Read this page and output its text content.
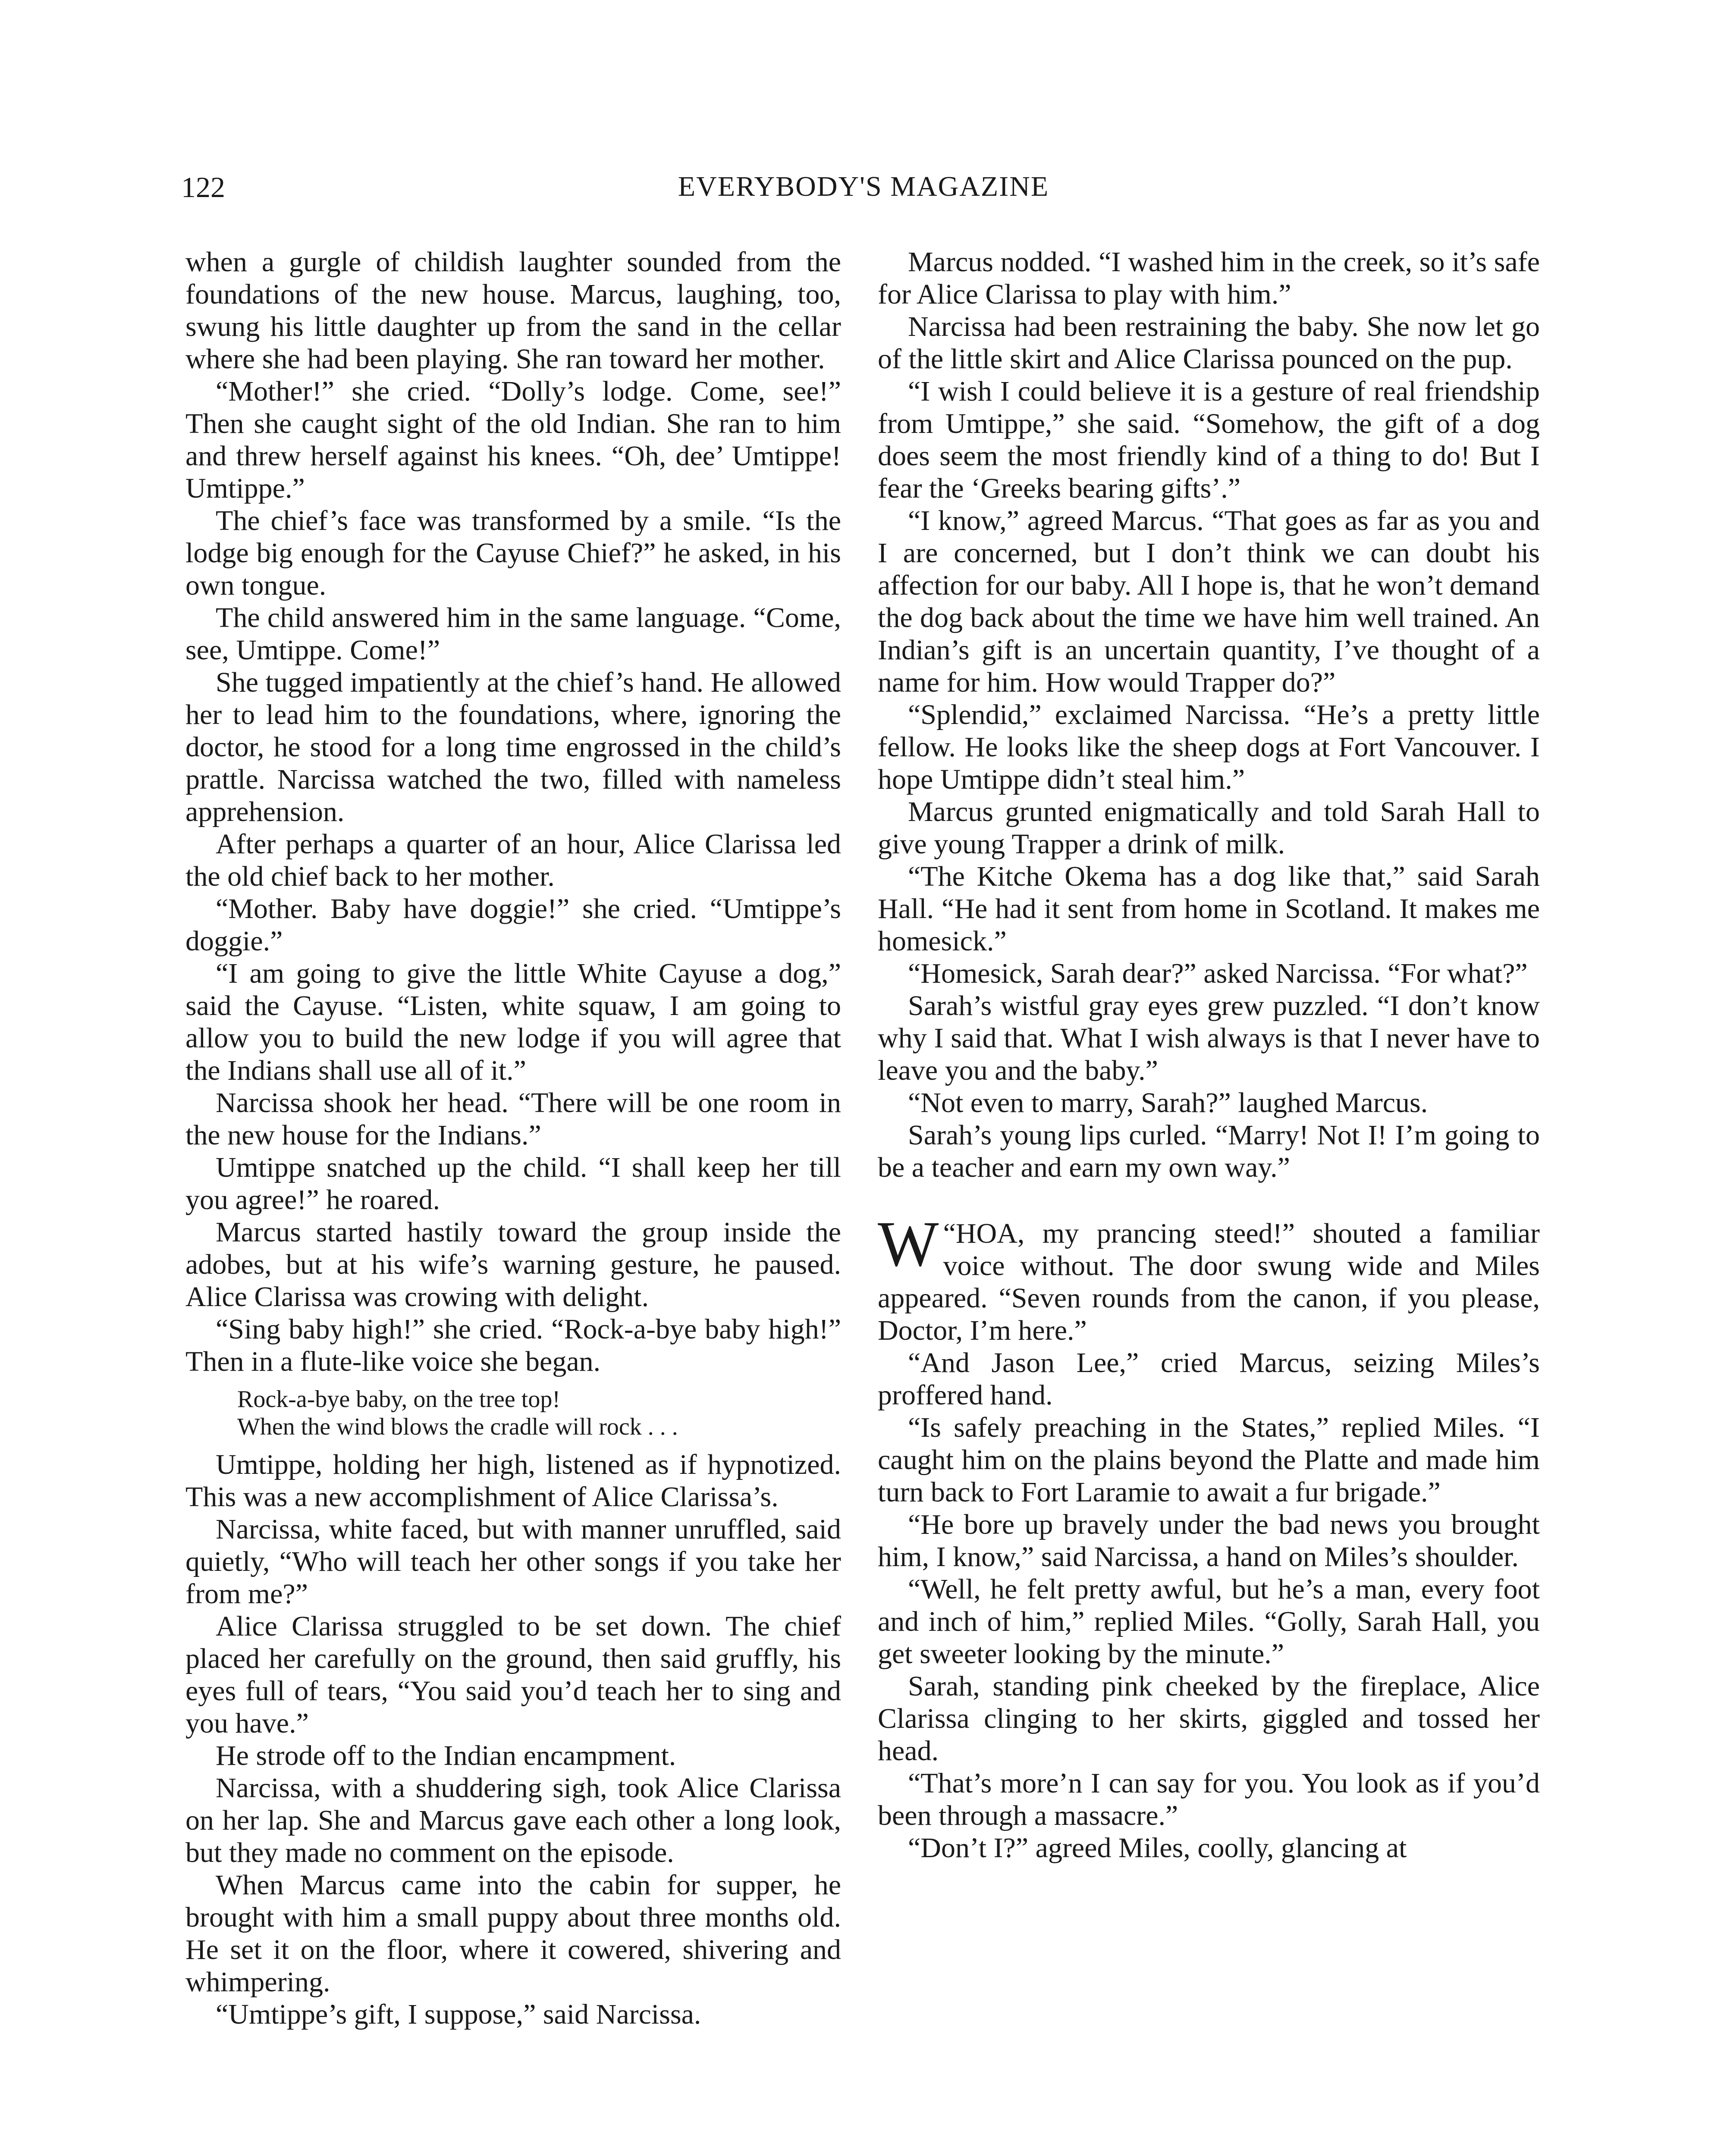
122	EVERYBODY'S MAGAZINE

when a gurgle of childish laughter sounded from the foundations of the new house. Marcus, laughing, too, swung his little daughter up from the sand in the cellar where she had been playing. She ran toward her mother.

“Mother!” she cried. “Dolly’s lodge. Come, see!” Then she caught sight of the old Indian. She ran to him and threw herself against his knees. “Oh, dee’ Umtippe! Umtippe.”

The chief’s face was transformed by a smile. “Is the lodge big enough for the Cayuse Chief?” he asked, in his own tongue.

The child answered him in the same language. “Come, see, Umtippe. Come!”

She tugged impatiently at the chief’s hand. He allowed her to lead him to the foundations, where, ignoring the doctor, he stood for a long time engrossed in the child’s prattle. Narcissa watched the two, filled with nameless apprehension.

After perhaps a quarter of an hour, Alice Clarissa led the old chief back to her mother.

“Mother. Baby have doggie!” she cried. “Umtippe’s doggie.”

“I am going to give the little White Cayuse a dog,” said the Cayuse. “Listen, white squaw, I am going to allow you to build the new lodge if you will agree that the Indians shall use all of it.”

Narcissa shook her head. “There will be one room in the new house for the Indians.”

Umtippe snatched up the child. “I shall keep her till you agree!” he roared.

Marcus started hastily toward the group inside the adobes, but at his wife’s warning gesture, he paused. Alice Clarissa was crowing with delight.

“Sing baby high!” she cried. “Rock-a-bye baby high!” Then in a flute-like voice she began.

Rock-a-bye baby, on the tree top!
When the wind blows the cradle will rock . . .

Umtippe, holding her high, listened as if hypnotized. This was a new accomplishment of Alice Clarissa’s.

Narcissa, white faced, but with manner unruffled, said quietly, “Who will teach her other songs if you take her from me?”

Alice Clarissa struggled to be set down. The chief placed her carefully on the ground, then said gruffly, his eyes full of tears, “You said you’d teach her to sing and you have.”

He strode off to the Indian encampment.

Narcissa, with a shuddering sigh, took Alice Clarissa on her lap. She and Marcus gave each other a long look, but they made no comment on the episode.

When Marcus came into the cabin for supper, he brought with him a small puppy about three months old. He set it on the floor, where it cowered, shivering and whimpering.

“Umtippe’s gift, I suppose,” said Narcissa.

Marcus nodded. “I washed him in the creek, so it’s safe for Alice Clarissa to play with him.”

Narcissa had been restraining the baby. She now let go of the little skirt and Alice Clarissa pounced on the pup.

“I wish I could believe it is a gesture of real friendship from Umtippe,” she said. “Somehow, the gift of a dog does seem the most friendly kind of a thing to do! But I fear the ‘Greeks bearing gifts’.”

“I know,” agreed Marcus. “That goes as far as you and I are concerned, but I don’t think we can doubt his affection for our baby. All I hope is, that he won’t demand the dog back about the time we have him well trained. An Indian’s gift is an uncertain quantity, I’ve thought of a name for him. How would Trapper do?”

“Splendid,” exclaimed Narcissa. “He’s a pretty little fellow. He looks like the sheep dogs at Fort Vancouver. I hope Umtippe didn’t steal him.”

Marcus grunted enigmatically and told Sarah Hall to give young Trapper a drink of milk.

“The Kitche Okema has a dog like that,” said Sarah Hall. “He had it sent from home in Scotland. It makes me homesick.”

“Homesick, Sarah dear?” asked Narcissa. “For what?”

Sarah’s wistful gray eyes grew puzzled. “I don’t know why I said that. What I wish always is that I never have to leave you and the baby.”

“Not even to marry, Sarah?” laughed Marcus.

Sarah’s young lips curled. “Marry! Not I! I’m going to be a teacher and earn my own way.”

“
W HOA, my prancing steed!” shouted a familiar voice without. The door swung wide and Miles appeared. “Seven rounds from the canon, if you please, Doctor, I’m here.”

“And Jason Lee,” cried Marcus, seizing Miles’s proffered hand.

“Is safely preaching in the States,” replied Miles. “I caught him on the plains beyond the Platte and made him turn back to Fort Laramie to await a fur brigade.”

“He bore up bravely under the bad news you brought him, I know,” said Narcissa, a hand on Miles’s shoulder.

“Well, he felt pretty awful, but he’s a man, every foot and inch of him,” replied Miles. “Golly, Sarah Hall, you get sweeter looking by the minute.”

Sarah, standing pink cheeked by the fireplace, Alice Clarissa clinging to her skirts, giggled and tossed her head.

“That’s more’n I can say for you. You look as if you’d been through a massacre.”

“Don’t I?” agreed Miles, coolly, glancing at
